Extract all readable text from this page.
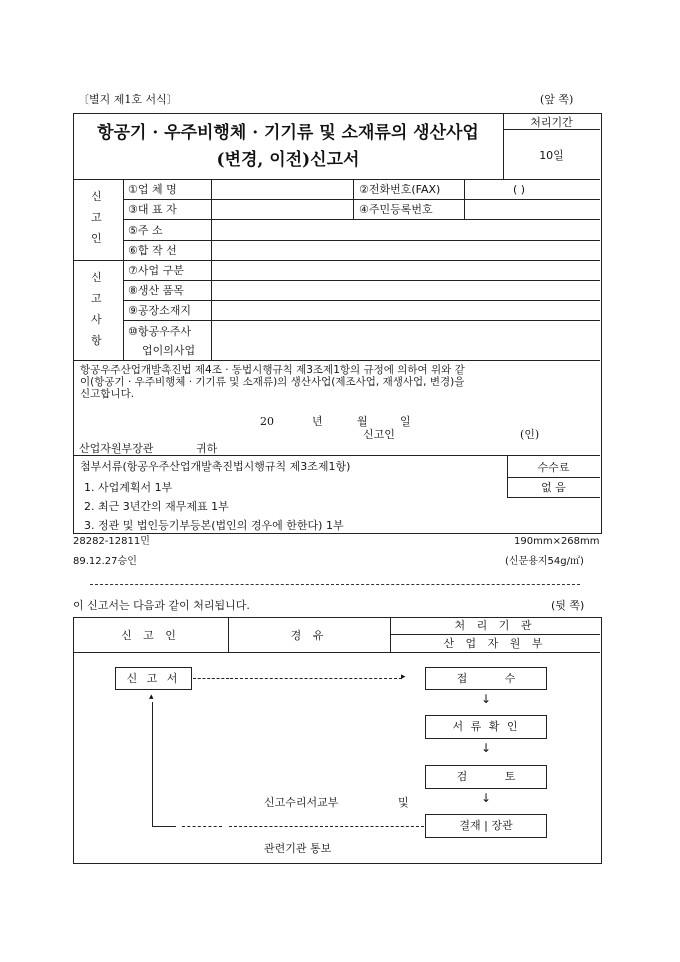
〔별지 제1호 서식〕	(앞 쪽)
항공기 · 우주비행체 · 기기류 및 소재류의 생산사업
(변경, 이전)신고서
처리기간
10일
신
고
인
①업 체 명	②전화번호(FAX)	( )
③대 표 자	④주민등록번호
⑤주 소
⑥합 작 선
신
고
사
항
⑦사업 구분
⑧생산 품목
⑨공장소재지
⑩항공우주사
업이의사업
항공우주산업개발촉진법 제4조 · 동법시행규칙 제3조제1항의 규정에 의하여 위와 같
이(항공기 · 우주비행체 · 기기류 및 소재류)의 생산사업(제조사업, 재생사업, 변경)을
신고합니다.
20	년	월	일
신고인	(인)
산업자원부장관	귀하
첨부서류(항공우주산업개발촉진법시행규칙 제3조제1항)	수수료
없 음
1. 사업계획서 1부
2. 최근 3년간의 재무제표 1부
3. 정관 및 법인등기부등본(법인의 경우에 한한다) 1부
28282-12811민
89.12.27승인
190mm×268mm
(신문용지54g/㎡)
이 신고서는 다음과 같이 처리됩니다.	(뒷 쪽)
신 고 인	경 유
처 리 기 관
산 업 자 원 부
신 고 서	▸	접 수
↓
서 류 확 인
↓
검 토
↓
결재 | 장관
▴
신고수리서교부	및
관련기관 통보
